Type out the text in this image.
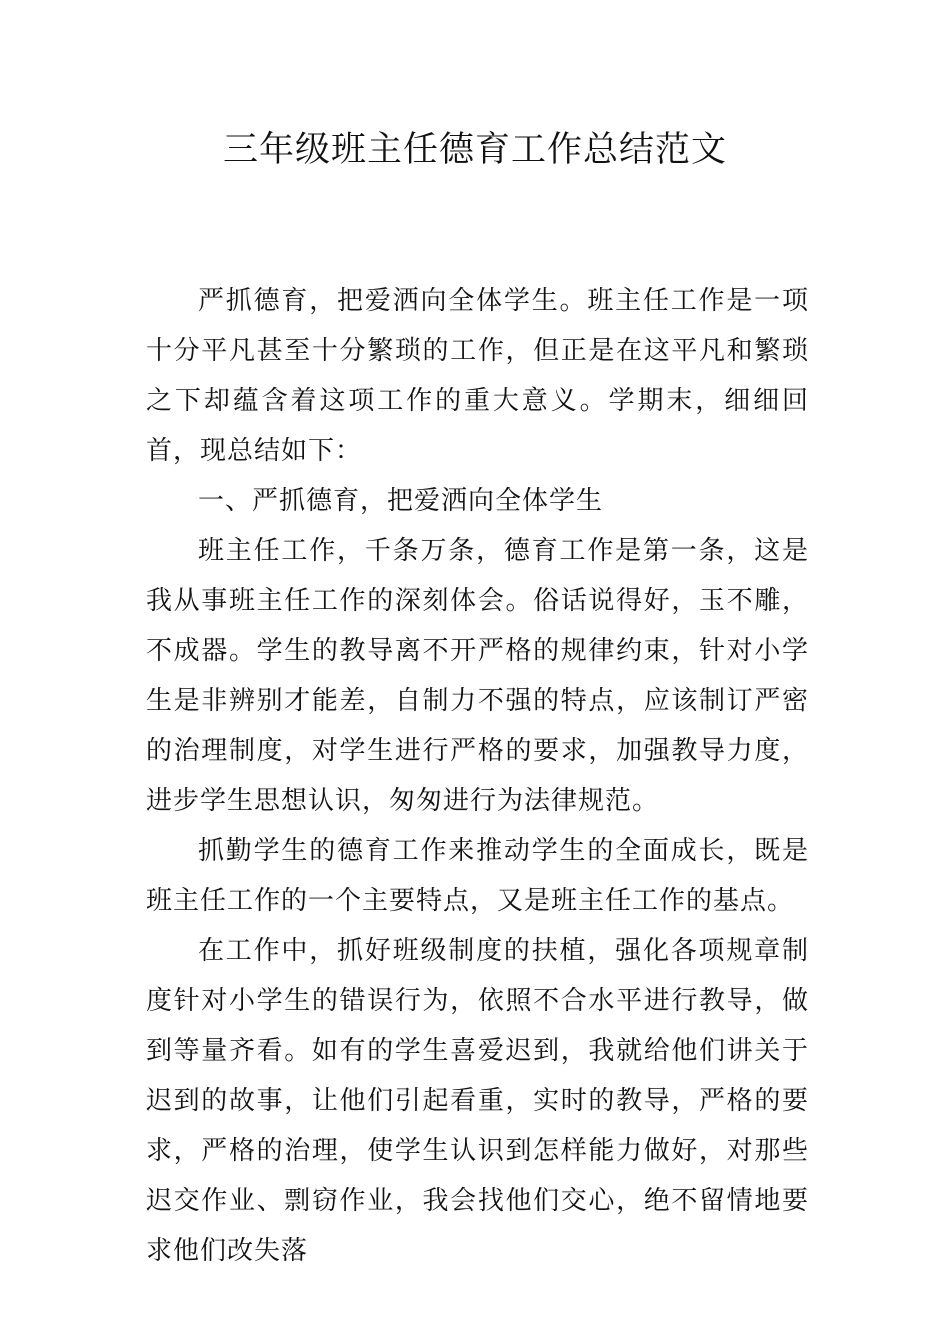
三年级班主任德育工作总结范文

严抓德育，把爱洒向全体学生。班主任工作是一项十分平凡甚至十分繁琐的工作，但正是在这平凡和繁琐之下却蕴含着这项工作的重大意义。学期末，细细回首，现总结如下：

一、严抓德育，把爱洒向全体学生

班主任工作，千条万条，德育工作是第一条，这是我从事班主任工作的深刻体会。俗话说得好，玉不雕，不成器。学生的教导离不开严格的规律约束，针对小学生是非辨别才能差，自制力不强的特点，应该制订严密的治理制度，对学生进行严格的要求，加强教导力度，进步学生思想认识，匆匆进行为法律规范。

抓勤学生的德育工作来推动学生的全面成长，既是班主任工作的一个主要特点，又是班主任工作的基点。

在工作中，抓好班级制度的扶植，强化各项规章制度针对小学生的错误行为，依照不合水平进行教导，做到等量齐看。如有的学生喜爱迟到，我就给他们讲关于迟到的故事，让他们引起看重，实时的教导，严格的要求，严格的治理，使学生认识到怎样能力做好，对那些迟交作业、剽窃作业，我会找他们交心，绝不留情地要求他们改失落
